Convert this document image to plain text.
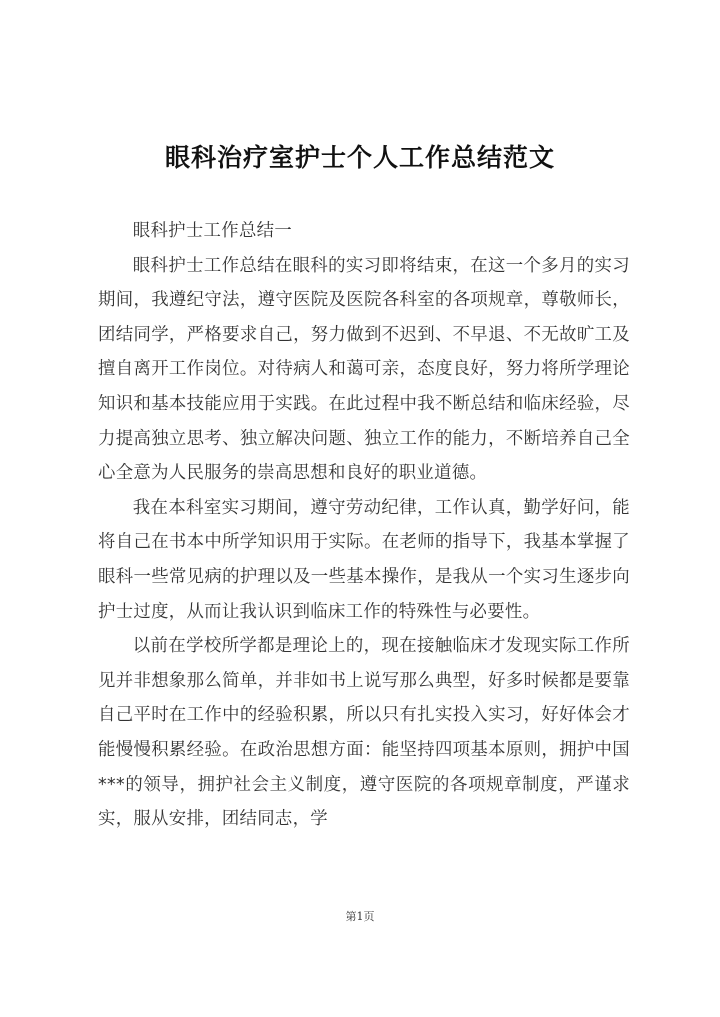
眼科治疗室护士个人工作总结范文

眼科护士工作总结一

眼科护士工作总结在眼科的实习即将结束，在这一个多月的实习期间，我遵纪守法，遵守医院及医院各科室的各项规章，尊敬师长，团结同学，严格要求自己，努力做到不迟到、不早退、不无故旷工及擅自离开工作岗位。对待病人和蔼可亲，态度良好，努力将所学理论知识和基本技能应用于实践。在此过程中我不断总结和临床经验，尽力提高独立思考、独立解决问题、独立工作的能力，不断培养自己全心全意为人民服务的崇高思想和良好的职业道德。

我在本科室实习期间，遵守劳动纪律，工作认真，勤学好问，能将自己在书本中所学知识用于实际。在老师的指导下，我基本掌握了眼科一些常见病的护理以及一些基本操作，是我从一个实习生逐步向护士过度，从而让我认识到临床工作的特殊性与必要性。

以前在学校所学都是理论上的，现在接触临床才发现实际工作所见并非想象那么简单，并非如书上说写那么典型，好多时候都是要靠自己平时在工作中的经验积累，所以只有扎实投入实习，好好体会才能慢慢积累经验。在政治思想方面：能坚持四项基本原则，拥护中国***的领导，拥护社会主义制度，遵守医院的各项规章制度，严谨求实，服从安排，团结同志，学

第1页
